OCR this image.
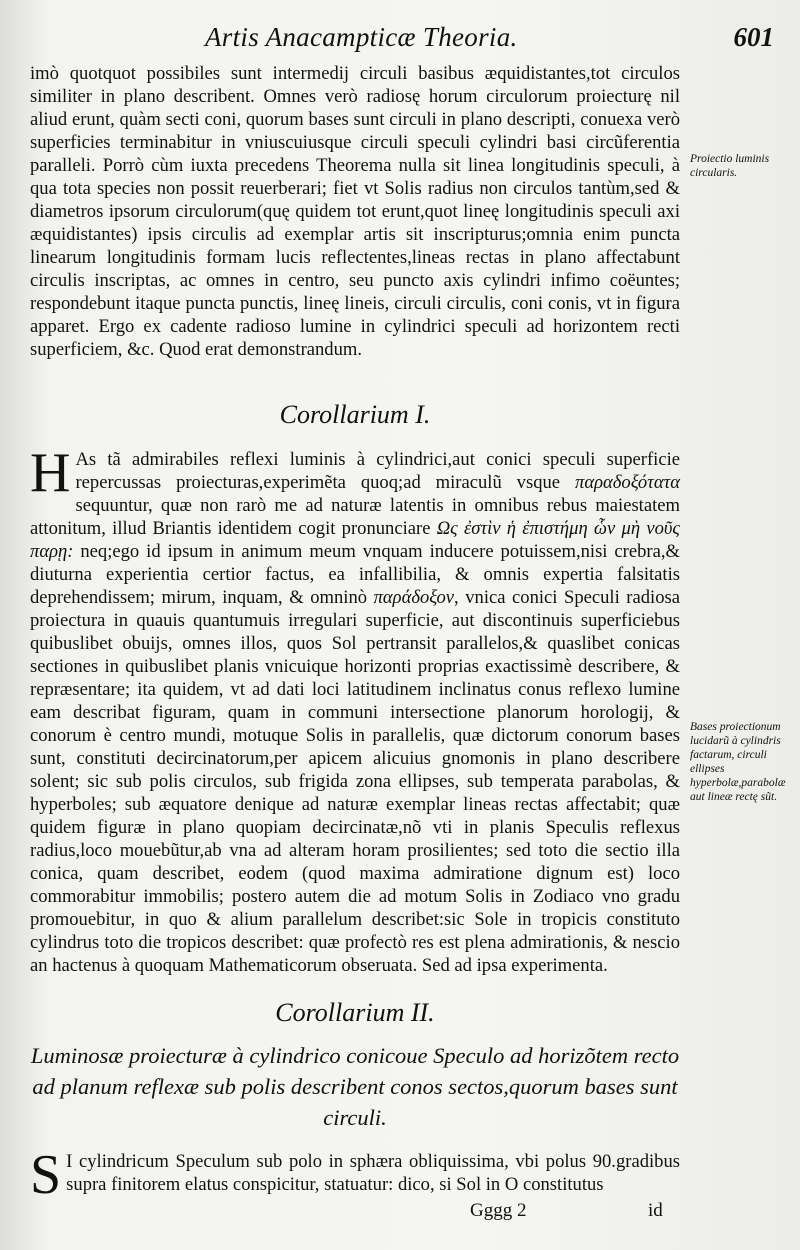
Artis Anacampticæ Theoria.	601

imò quotquot possibiles sunt intermedij circuli basibus æquidistantes,tot circulos similiter in plano describent. Omnes verò radiosę horum circulorum proiecturę nil aliud erunt, quàm secti coni, quorum bases sunt circuli in plano descripti, conuexa verò superficies terminabitur in vniuscuiusque circuli speculi cylindri basi circũferentia paralleli. Porrò cùm iuxta precedens Theorema nulla sit linea longitudinis speculi, à qua tota species non possit reuerberari; fiet vt Solis radius non circulos tantùm,sed & diametros ipsorum circulorum(quę quidem tot erunt,quot lineę longitudinis speculi axi æquidistantes) ipsis circulis ad exemplar artis sit inscripturus;omnia enim puncta linearum longitudinis formam lucis reflectentes,lineas rectas in plano affectabunt circulis inscriptas, ac omnes in centro, seu puncto axis cylindri infimo coëuntes; respondebunt itaque puncta punctis, lineę lineis, circuli circulis, coni conis, vt in figura apparet. Ergo ex cadente radioso lumine in cylindrici speculi ad horizontem recti superficiem, &c. Quod erat demonstrandum.

Proiectio luminis circularis.
Corollarium I.

H As tã admirabiles reflexi luminis à cylindrici,aut conici speculi superficie repercussas proiecturas,experimẽta quoq;ad miraculũ vsque παραδοξότατα sequuntur, quæ non rarò me ad naturæ latentis in omnibus rebus maiestatem attonitum, illud Briantis identidem cogit pronunciare Ως ἐστὶν ἡ ἐπιστήμη ὧν μὴ νοῦς παρῃ: neq;ego id ipsum in animum meum vnquam inducere potuissem,nisi crebra,& diuturna experientia certior factus, ea infallibilia, & omnis expertia falsitatis deprehendissem; mirum, inquam, & omninò παράδοξον, vnica conici Speculi radiosa proiectura in quauis quantumuis irregulari superficie, aut discontinuis superficiebus quibuslibet obuijs, omnes illos, quos Sol pertransit parallelos,& quaslibet conicas sectiones in quibuslibet planis vnicuique horizonti proprias exactissimè describere, & repræsentare; ita quidem, vt ad dati loci latitudinem inclinatus conus reflexo lumine eam describat figuram, quam in communi intersectione planorum horologij, & conorum è centro mundi, motuque Solis in parallelis, quæ dictorum conorum bases sunt, constituti decircinatorum,per apicem alicuius gnomonis in plano describere solent; sic sub polis circulos, sub frigida zona ellipses, sub temperata parabolas, & hyperboles; sub æquatore denique ad naturæ exemplar lineas rectas affectabit; quæ quidem figuræ in plano quopiam decircinatæ,nõ vti in planis Speculis reflexus radius,loco mouebũtur,ab vna ad alteram horam prosilientes; sed toto die sectio illa conica, quam describet, eodem (quod maxima admiratione dignum est) loco commorabitur immobilis; postero autem die ad motum Solis in Zodiaco vno gradu promouebitur, in quo & alium parallelum describet:sic Sole in tropicis constituto cylindrus toto die tropicos describet: quæ profectò res est plena admirationis, & nescio an hactenus à quoquam Mathematicorum obseruata. Sed ad ipsa experimenta.

Bases proiectionum lucidarũ à cylindris factarum, circuli ellipses hyperbolæ,parabolæ aut lineæ rectę sũt.
Corollarium II.
Luminosæ proiecturæ à cylindrico conicoue Speculo ad horizõtem recto ad planum reflexæ sub polis describent conos sectos,quorum bases sunt circuli.

S I cylindricum Speculum sub polo in sphæra obliquissima, vbi polus 90.gradibus supra finitorem elatus conspicitur, statuatur: dico, si Sol in O constitutus

Gggg 2	id
